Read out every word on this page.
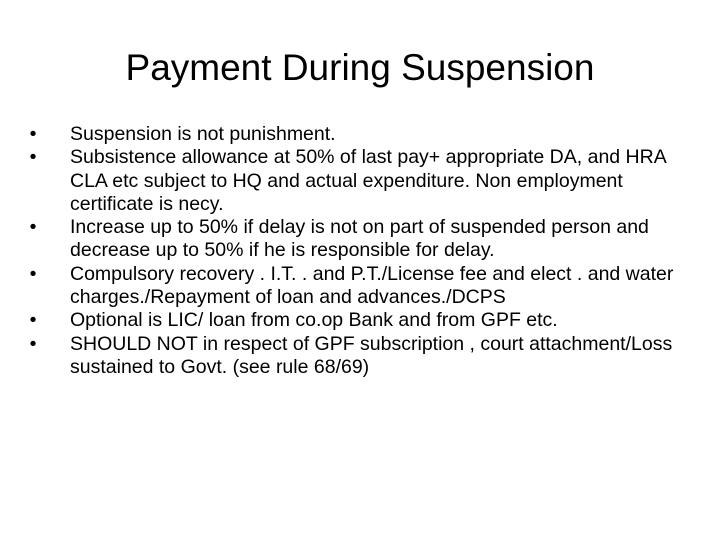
Payment During Suspension
• Suspension is not punishment.
• Subsistence allowance at 50% of last pay+ appropriate DA, and HRA CLA etc subject to HQ and actual expenditure. Non employment certificate is necy.
• Increase up to 50% if delay is not on part of suspended person and decrease up to 50% if he is responsible for delay.
• Compulsory recovery . I.T. . and P.T./License fee and elect . and water charges./Repayment of loan and advances./DCPS
• Optional is LIC/ loan from co.op Bank and from GPF etc.
• SHOULD NOT in respect of GPF subscription , court attachment/Loss sustained to Govt. (see rule 68/69)
